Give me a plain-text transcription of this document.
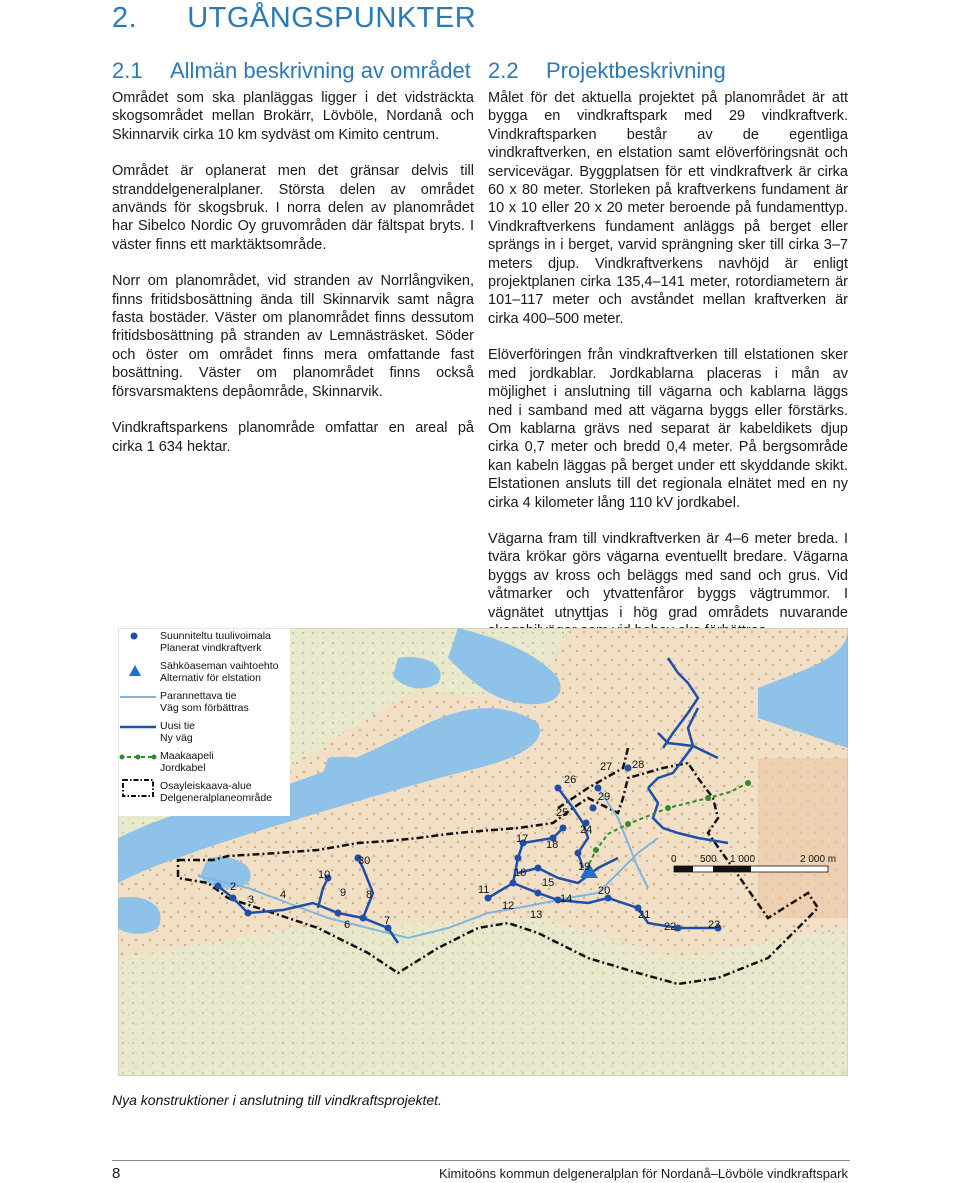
2. UTGÅNGSPUNKTER
2.1 Allmän beskrivning av området

Området som ska planläggas ligger i det vidsträckta skogsområdet mellan Brokärr, Lövböle, Nordanå och Skinnarvik cirka 10 km sydväst om Kimito centrum.

Området är oplanerat men det gränsar delvis till stranddelgeneralplaner. Största delen av området används för skogsbruk. I norra delen av planområdet har Sibelco Nordic Oy gruvområden där fältspat bryts. I väster finns ett marktäktsområde.

Norr om planområdet, vid stranden av Norrlångviken, finns fritidsbosättning ända till Skinnarvik samt några fasta bostäder. Väster om planområdet finns dessutom fritidsbosättning på stranden av Lemnästräsket. Söder och öster om området finns mera omfattande fast bosättning. Väster om planområdet finns också försvarsmaktens depåområde, Skinnarvik.

Vindkraftsparkens planområde omfattar en areal på cirka 1 634 hektar.

2.2 Projektbeskrivning

Målet för det aktuella projektet på planområdet är att bygga en vindkraftspark med 29 vindkraftverk. Vindkraftsparken består av de egentliga vindkraftverken, en elstation samt elöverföringsnät och servicevägar. Byggplatsen för ett vindkraftverk är cirka 60 x 80 meter. Storleken på kraftverkens fundament är 10 x 10 eller 20 x 20 meter beroende på fundamenttyp. Vindkraftverkens fundament anläggs på berget eller sprängs in i berget, varvid sprängning sker till cirka 3–7 meters djup. Vindkraftverkens navhöjd är enligt projektplanen cirka 135,4–141 meter, rotordiametern är 101–117 meter och avståndet mellan kraftverken är cirka 400–500 meter.

Elöverföringen från vindkraftverken till elstationen sker med jordkablar. Jordkablarna placeras i mån av möjlighet i anslutning till vägarna och kablarna läggs ned i samband med att vägarna byggs eller förstärks. Om kablarna grävs ned separat är kabeldikets djup cirka 0,7 meter och bredd 0,4 meter. På bergsområde kan kabeln läggas på berget under ett skyddande skikt. Elstationen ansluts till det regionala elnätet med en ny cirka 4 kilometer lång 110 kV jordkabel.

Vägarna fram till vindkraftverken är 4–6 meter breda. I tvära krökar görs vägarna eventuellt bredare. Vägarna byggs av kross och beläggs med sand och grus. Vid våtmarker och ytvattenfåror byggs vägtrummor. I vägnätet utnyttjas i hög grad områdets nuvarande

2
3 4
6	7
8
9
10
11
12
13
14
15
16
17 18
19
20
21
22	23
24
25
26
27 28
29
30	0 500 1 000	2 000 m
Suunniteltu tuulivoimala
Planerat vindkraftverk
Sähköaseman vaihtoehto
Alternativ för elstation
Parannettava tie
Väg som förbättras
Uusi tie
Ny väg
Maakaapeli
Jordkabel
Osayleiskaava-alue
Delgeneralplaneområde
Nya konstruktioner i anslutning till vindkraftsprojektet.
8	Kimitoöns kommun delgeneralplan för Nordanå–Lövböle vindkraftspark
